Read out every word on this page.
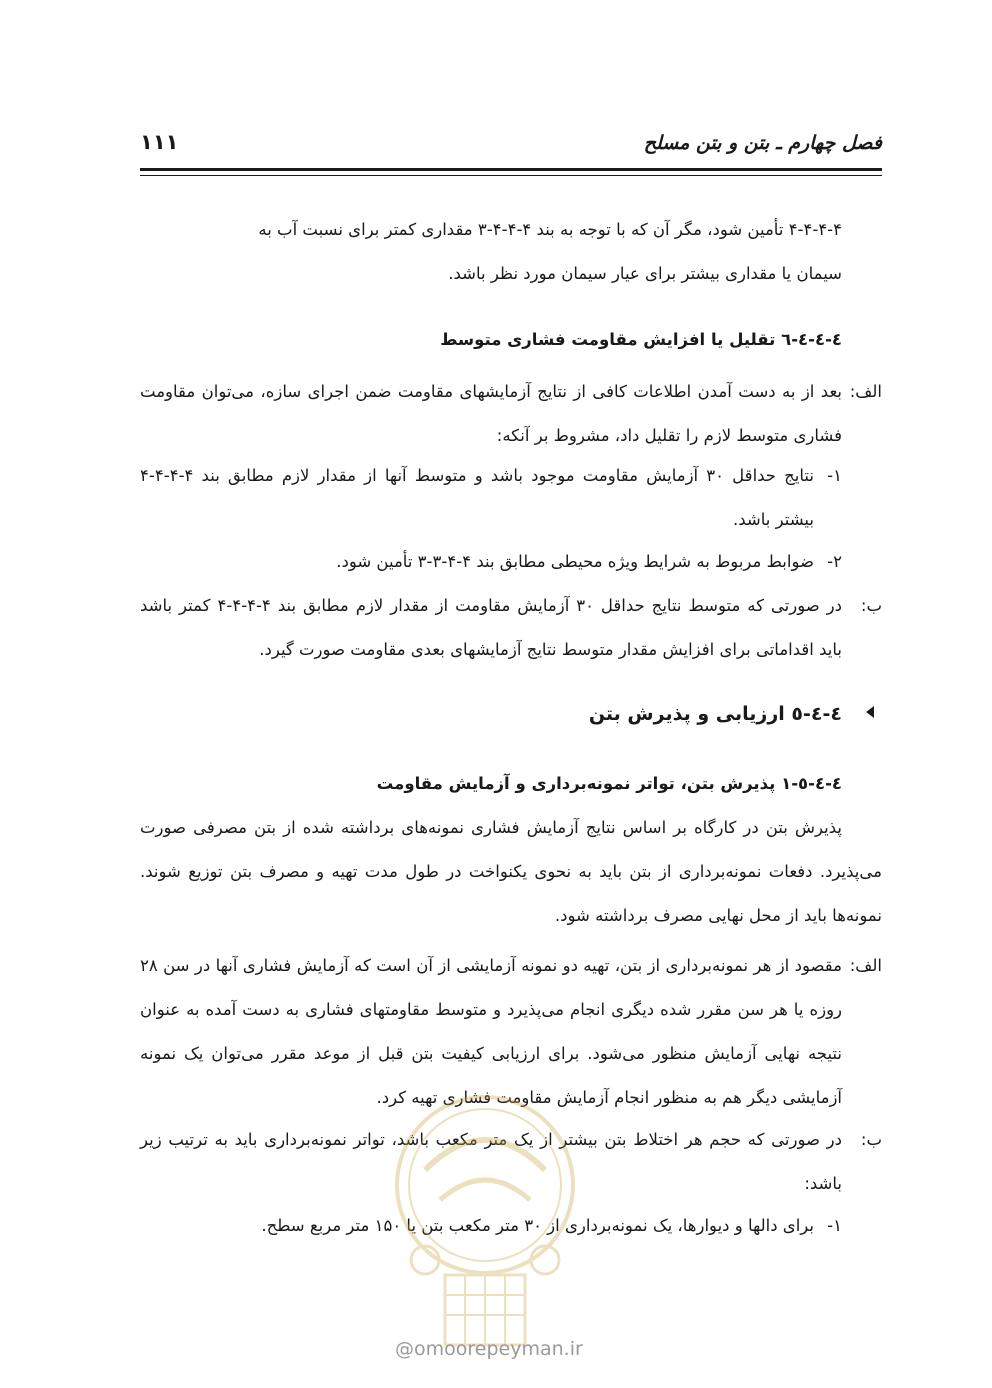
فصل چهارم ـ بتن و بتن مسلح
۱۱۱
۴-۴-۴-۴ تأمین شود، مگر آن که با توجه به بند ۴-۴-۴-۳ مقداری کمتر برای نسبت آب به
سیمان یا مقداری بیشتر برای عیار سیمان مورد نظر باشد.
٤-٤-٤-٦ تقلیل یا افزایش مقاومت فشاری متوسط
الف:
بعد از به دست آمدن اطلاعات کافی از نتایج آزمایشهای مقاومت ضمن اجرای سازه، می‌توان مقاومت فشاری متوسط لازم را تقلیل داد، مشروط بر آنکه:
۱-
نتایج حداقل ۳۰ آزمایش مقاومت موجود باشد و متوسط آنها از مقدار لازم مطابق بند ۴-۴-۴-۴ بیشتر باشد.
۲-
ضوابط مربوط به شرایط ویژه محیطی مطابق بند ۴-۴-۳-۳ تأمین شود.
ب:
در صورتی که متوسط نتایج حداقل ۳۰ آزمایش مقاومت از مقدار لازم مطابق بند ۴-۴-۴-۴ کمتر باشد باید اقداماتی برای افزایش مقدار متوسط نتایج آزمایشهای بعدی مقاومت صورت گیرد.
٤-٤-٥ ارزیابی و پذیرش بتن
٤-٤-٥-١ پذیرش بتن، تواتر نمونه‌برداری و آزمایش مقاومت
پذیرش بتن در کارگاه بر اساس نتایج آزمایش فشاری نمونه‌های برداشته شده از بتن مصرفی صورت می‌پذیرد. دفعات نمونه‌برداری از بتن باید به نحوی یکنواخت در طول مدت تهیه و مصرف بتن توزیع شوند. نمونه‌ها باید از محل نهایی مصرف برداشته شود.
الف:
مقصود از هر نمونه‌برداری از بتن، تهیه دو نمونه آزمایشی از آن است که آزمایش فشاری آنها در سن ۲۸ روزه یا هر سن مقرر شده دیگری انجام می‌پذیرد و متوسط مقاومتهای فشاری به دست آمده به عنوان نتیجه نهایی آزمایش منظور می‌شود. برای ارزیابی کیفیت بتن قبل از موعد مقرر می‌توان یک نمونه آزمایشی دیگر هم به منظور انجام آزمایش مقاومت فشاری تهیه کرد.
ب:
در صورتی که حجم هر اختلاط بتن بیشتر از یک متر مکعب باشد، تواتر نمونه‌برداری باید به ترتیب زیر باشد:
۱-
برای دالها و دیوارها، یک نمونه‌برداری از ۳۰ متر مکعب بتن یا ۱۵۰ متر مربع سطح.
@omoorepeyman.ir
